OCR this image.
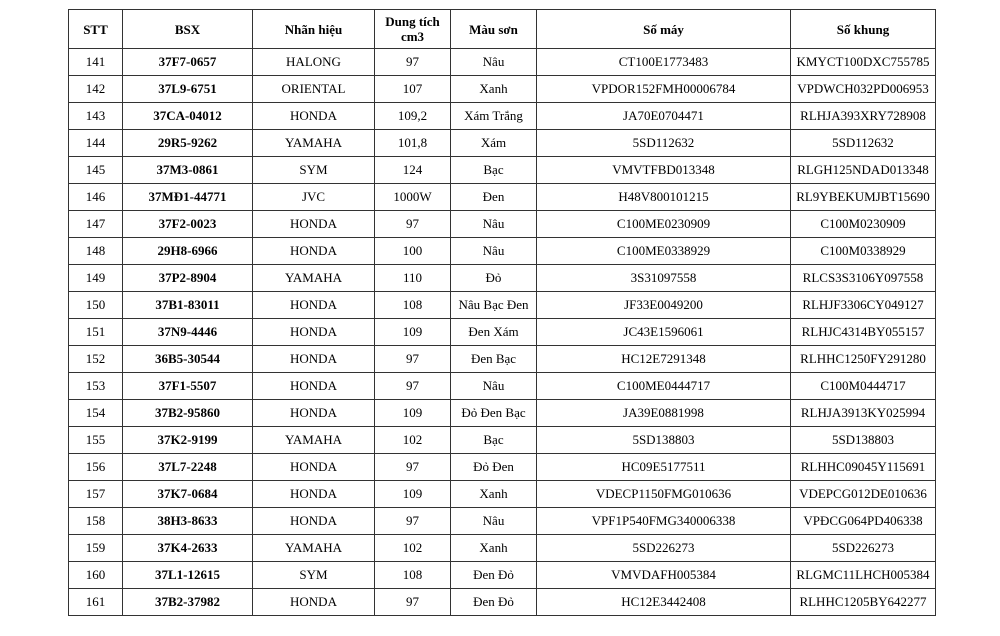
STT	BSX	Nhãn hiệu	Dung tích cm3	Màu sơn	Số máy	Số khung
141	37F7-0657	HALONG	97	Nâu	CT100E1773483	KMYCT100DXC755785
142	37L9-6751	ORIENTAL	107	Xanh	VPDOR152FMH00006784	VPDWCH032PD006953
143	37CA-04012	HONDA	109,2	Xám Trắng	JA70E0704471	RLHJA393XRY728908
144	29R5-9262	YAMAHA	101,8	Xám	5SD112632	5SD112632
145	37M3-0861	SYM	124	Bạc	VMVTFBD013348	RLGH125NDAD013348
146	37MĐ1-44771	JVC	1000W	Đen	H48V800101215	RL9YBEKUMJBT15690
147	37F2-0023	HONDA	97	Nâu	C100ME0230909	C100M0230909
148	29H8-6966	HONDA	100	Nâu	C100ME0338929	C100M0338929
149	37P2-8904	YAMAHA	110	Đỏ	3S31097558	RLCS3S3106Y097558
150	37B1-83011	HONDA	108	Nâu Bạc Đen	JF33E0049200	RLHJF3306CY049127
151	37N9-4446	HONDA	109	Đen Xám	JC43E1596061	RLHJC4314BY055157
152	36B5-30544	HONDA	97	Đen Bạc	HC12E7291348	RLHHC1250FY291280
153	37F1-5507	HONDA	97	Nâu	C100ME0444717	C100M0444717
154	37B2-95860	HONDA	109	Đỏ Đen Bạc	JA39E0881998	RLHJA3913KY025994
155	37K2-9199	YAMAHA	102	Bạc	5SD138803	5SD138803
156	37L7-2248	HONDA	97	Đỏ Đen	HC09E5177511	RLHHC09045Y115691
157	37K7-0684	HONDA	109	Xanh	VDECP1150FMG010636	VDEPCG012DE010636
158	38H3-8633	HONDA	97	Nâu	VPF1P540FMG340006338	VPĐCG064PD406338
159	37K4-2633	YAMAHA	102	Xanh	5SD226273	5SD226273
160	37L1-12615	SYM	108	Đen Đỏ	VMVDAFH005384	RLGMC11LHCH005384
161	37B2-37982	HONDA	97	Đen Đỏ	HC12E3442408	RLHHC1205BY642277
